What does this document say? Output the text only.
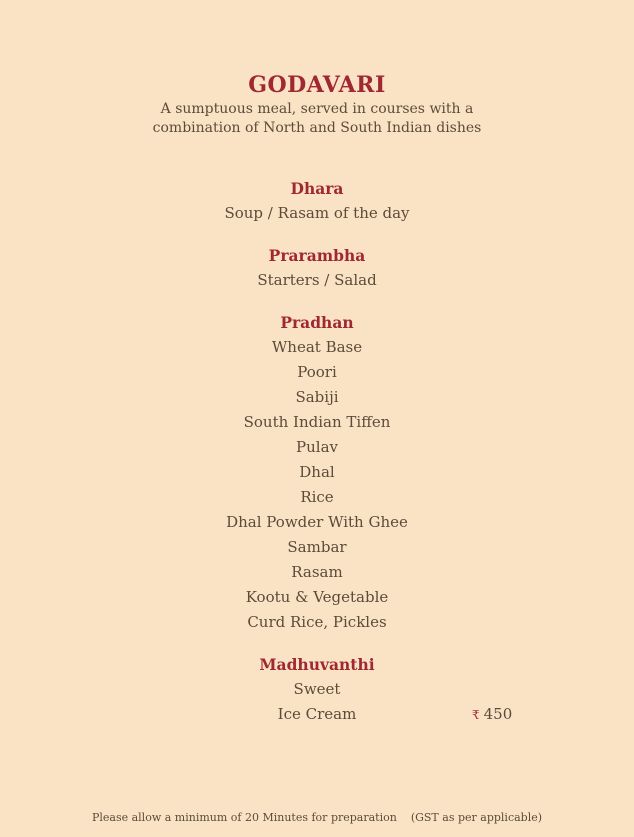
GODAVARI

A sumptuous meal, served in courses with a
combination of North and South Indian dishes

Dhara
Soup / Rasam of the day
Prarambha
Starters / Salad
Pradhan
Wheat Base
Poori
Sabiji
South Indian Tiffen
Pulav
Dhal
Rice
Dhal Powder With Ghee
Sambar
Rasam
Kootu & Vegetable
Curd Rice, Pickles
Madhuvanthi
Sweet
Ice Cream	₹ 450
Please allow a minimum of 20 Minutes for preparation (GST as per applicable)
